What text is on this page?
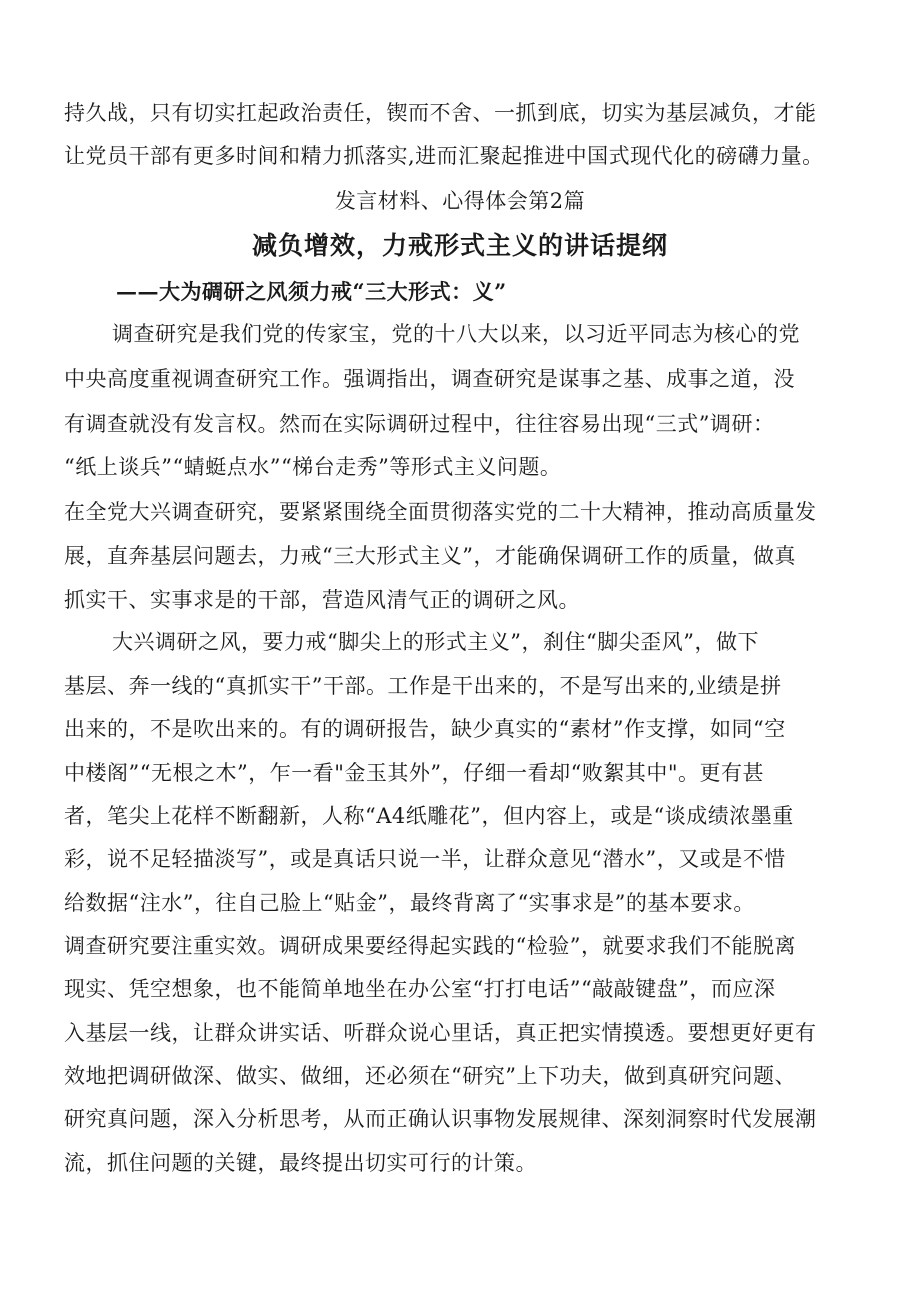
持久战，只有切实扛起政治责任，锲而不舍、一抓到底，切实为基层减负，才能
让党员干部有更多时间和精力抓落实,进而汇聚起推进中国式现代化的磅礴力量。
发言材料、心得体会第2篇
减负增效，力戒形式主义的讲话提纲
——大为碉研之风须力戒“三大形式：义”
调查研究是我们党的传家宝，党的十八大以来，以习近平同志为核心的党
中央高度重视调查研究工作。强调指出，调查研究是谋事之基、成事之道，没
有调查就没有发言权。然而在实际调研过程中，往往容易出现“三式”调研：
“纸上谈兵”“蜻蜓点水”“梯台走秀”等形式主义问题。
在全党大兴调查研究，要紧紧围绕全面贯彻落实党的二十大精神，推动高质量发
展，直奔基层问题去，力戒“三大形式主义”，才能确保调研工作的质量，做真
抓实干、实事求是的干部，营造风清气正的调研之风。
大兴调研之风，要力戒“脚尖上的形式主义”，刹住“脚尖歪风”，做下
基层、奔一线的“真抓实干”干部。工作是干出来的，不是写出来的,业绩是拼
出来的，不是吹出来的。有的调研报告，缺少真实的“素材”作支撑，如同“空
中楼阁”“无根之木”，乍一看"金玉其外”，仔细一看却“败絮其中"。更有甚
者，笔尖上花样不断翻新，人称“A4纸雕花”，但内容上，或是“谈成绩浓墨重
彩，说不足轻描淡写”，或是真话只说一半，让群众意见“潜水”，又或是不惜
给数据“注水”，往自己脸上“贴金”，最终背离了“实事求是”的基本要求。
调查研究要注重实效。调研成果要经得起实践的“检验”，就要求我们不能脱离
现实、凭空想象，也不能简单地坐在办公室“打打电话”“敲敲键盘”，而应深
入基层一线，让群众讲实话、听群众说心里话，真正把实情摸透。要想更好更有
效地把调研做深、做实、做细，还必须在“研究”上下功夫，做到真研究问题、
研究真问题，深入分析思考，从而正确认识事物发展规律、深刻洞察时代发展潮
流，抓住问题的关键，最终提出切实可行的计策。
